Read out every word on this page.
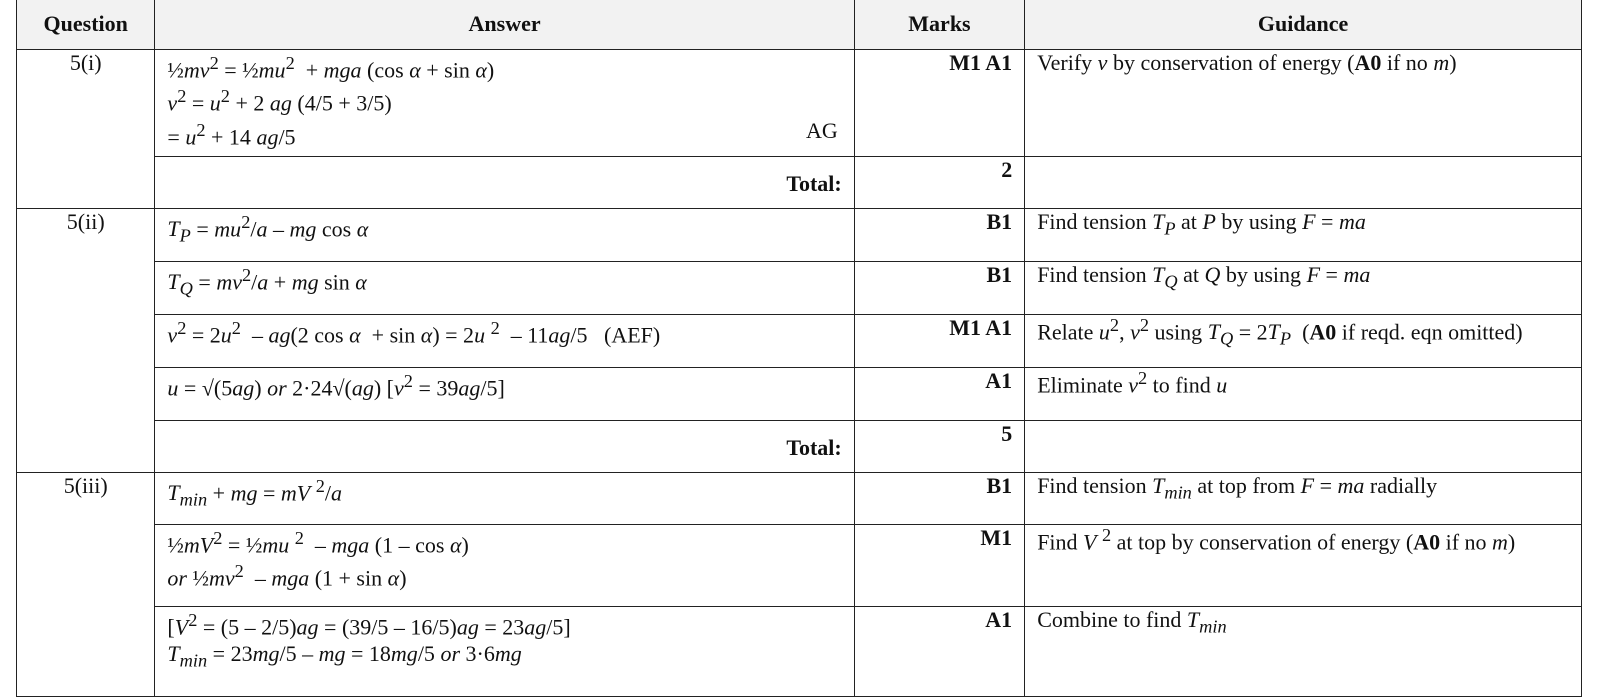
Question	Answer	Marks	Guidance
5(i)	$\frac{1}{2}mv^2$ = $\frac{1}{2}mu^2$  + mga (cos α + sin α)
$v^2 = u^2 + 2$ ag (4/5 + 3/5)
= $u^2 + 14$ ag/5 AG	M1 A1	Verify v by conservation of energy (A0 if no m)
	Total:	2	
5(ii)	$T_P = mu^2/a$ – mg cos α	B1	Find tension $T_P$ at P by using F = ma
	$T_Q = mv^2/a$ + mg sin α	B1	Find tension $T_Q$ at Q by using F = ma
	$v^2 = 2u^2 - ag(2$ cos α  + sin α) = 2u $^2$  – 11ag/5   (AEF)	M1 A1	Relate $u^2$, $v^2$ using $T_Q = 2T_P$  (A0 if reqd. eqn omitted)
	u = √(5ag) or 2·24√(ag) $[v^2 = 39ag/5]$	A1	Eliminate $v^2$ to find u
	Total:	5	
5(iii)	$T_{min}$ + mg = mV $^2$/a	B1	Find tension $T_{min}$ at top from F = ma radially

	$\frac{1}{2}mV^2$ = ½mu $^2$  – mga (1 – cos α)
or $\frac{1}{2}mv^2$  – mga (1 + sin α)	M1	Find V $^2$ at top by conservation of energy (A0 if no m)

	$[V^2 = (5 - 2/5)ag = (39/5 - 16/5)ag = 23ag/5]$
$T_{min} = 23mg/5$ – mg = 18mg/5 or 3·6mg	A1	Combine to find $T_{min}$
